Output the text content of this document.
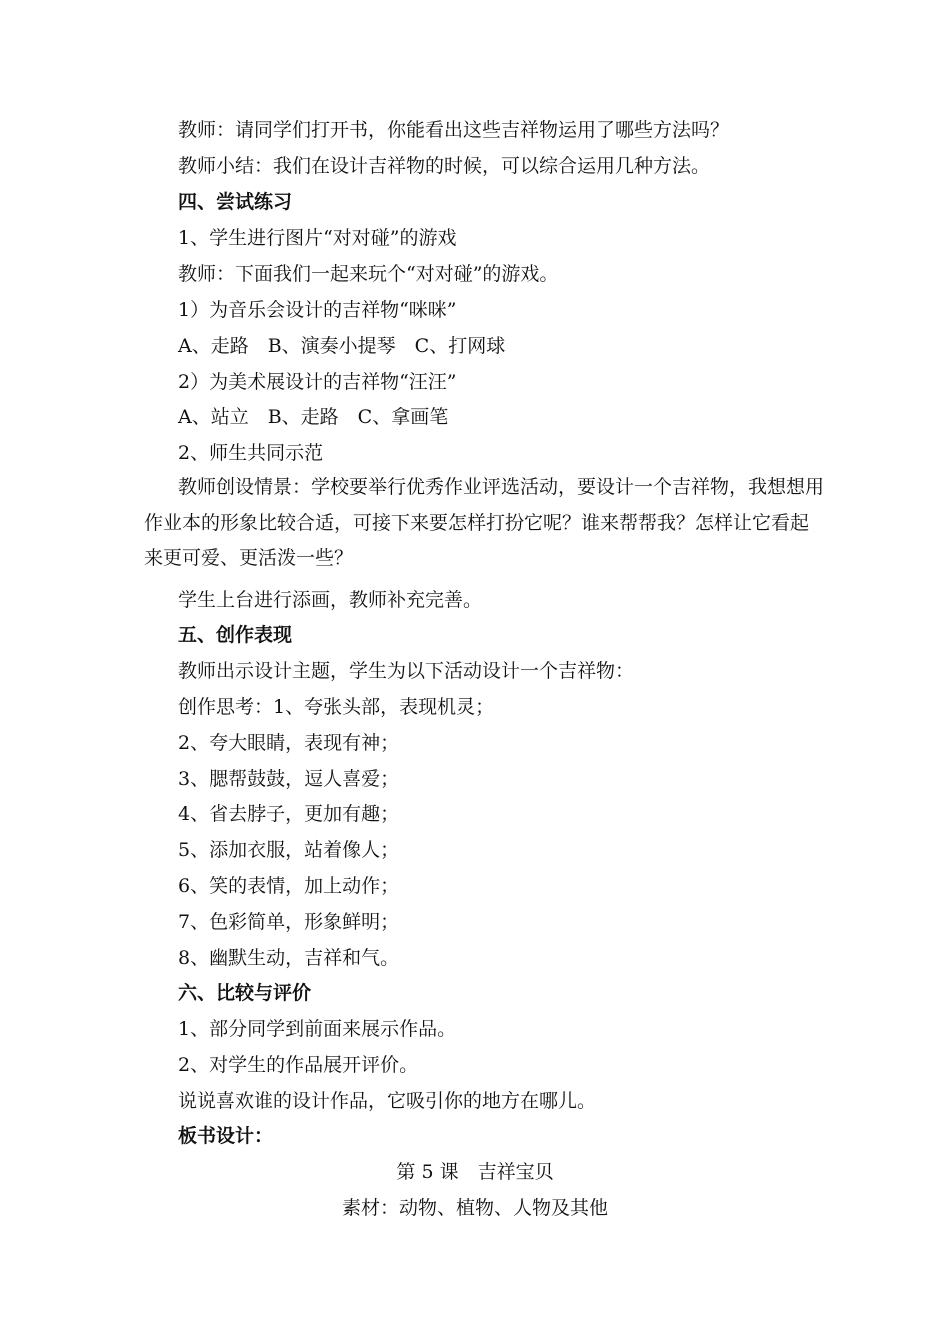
教师：请同学们打开书，你能看出这些吉祥物运用了哪些方法吗？
教师小结：我们在设计吉祥物的时候，可以综合运用几种方法。
四、尝试练习
1、学生进行图片“对对碰”的游戏
教师：下面我们一起来玩个“对对碰”的游戏。
1）为音乐会设计的吉祥物“咪咪”
A、走路　B、演奏小提琴　C、打网球
2）为美术展设计的吉祥物“汪汪”
A、站立　B、走路　C、拿画笔
2、师生共同示范
教师创设情景：学校要举行优秀作业评选活动，要设计一个吉祥物，我想想用作业本的形象比较合适，可接下来要怎样打扮它呢？谁来帮帮我？怎样让它看起来更可爱、更活泼一些？
学生上台进行添画，教师补充完善。
五、创作表现
教师出示设计主题，学生为以下活动设计一个吉祥物：
创作思考：1、夸张头部，表现机灵；
2、夸大眼睛，表现有神；
3、腮帮鼓鼓，逗人喜爱；
4、省去脖子，更加有趣；
5、添加衣服，站着像人；
6、笑的表情，加上动作；
7、色彩简单，形象鲜明；
8、幽默生动，吉祥和气。
六、比较与评价
1、部分同学到前面来展示作品。
2、对学生的作品展开评价。
说说喜欢谁的设计作品，它吸引你的地方在哪儿。
板书设计：
第 5 课　吉祥宝贝
素材：动物、植物、人物及其他
